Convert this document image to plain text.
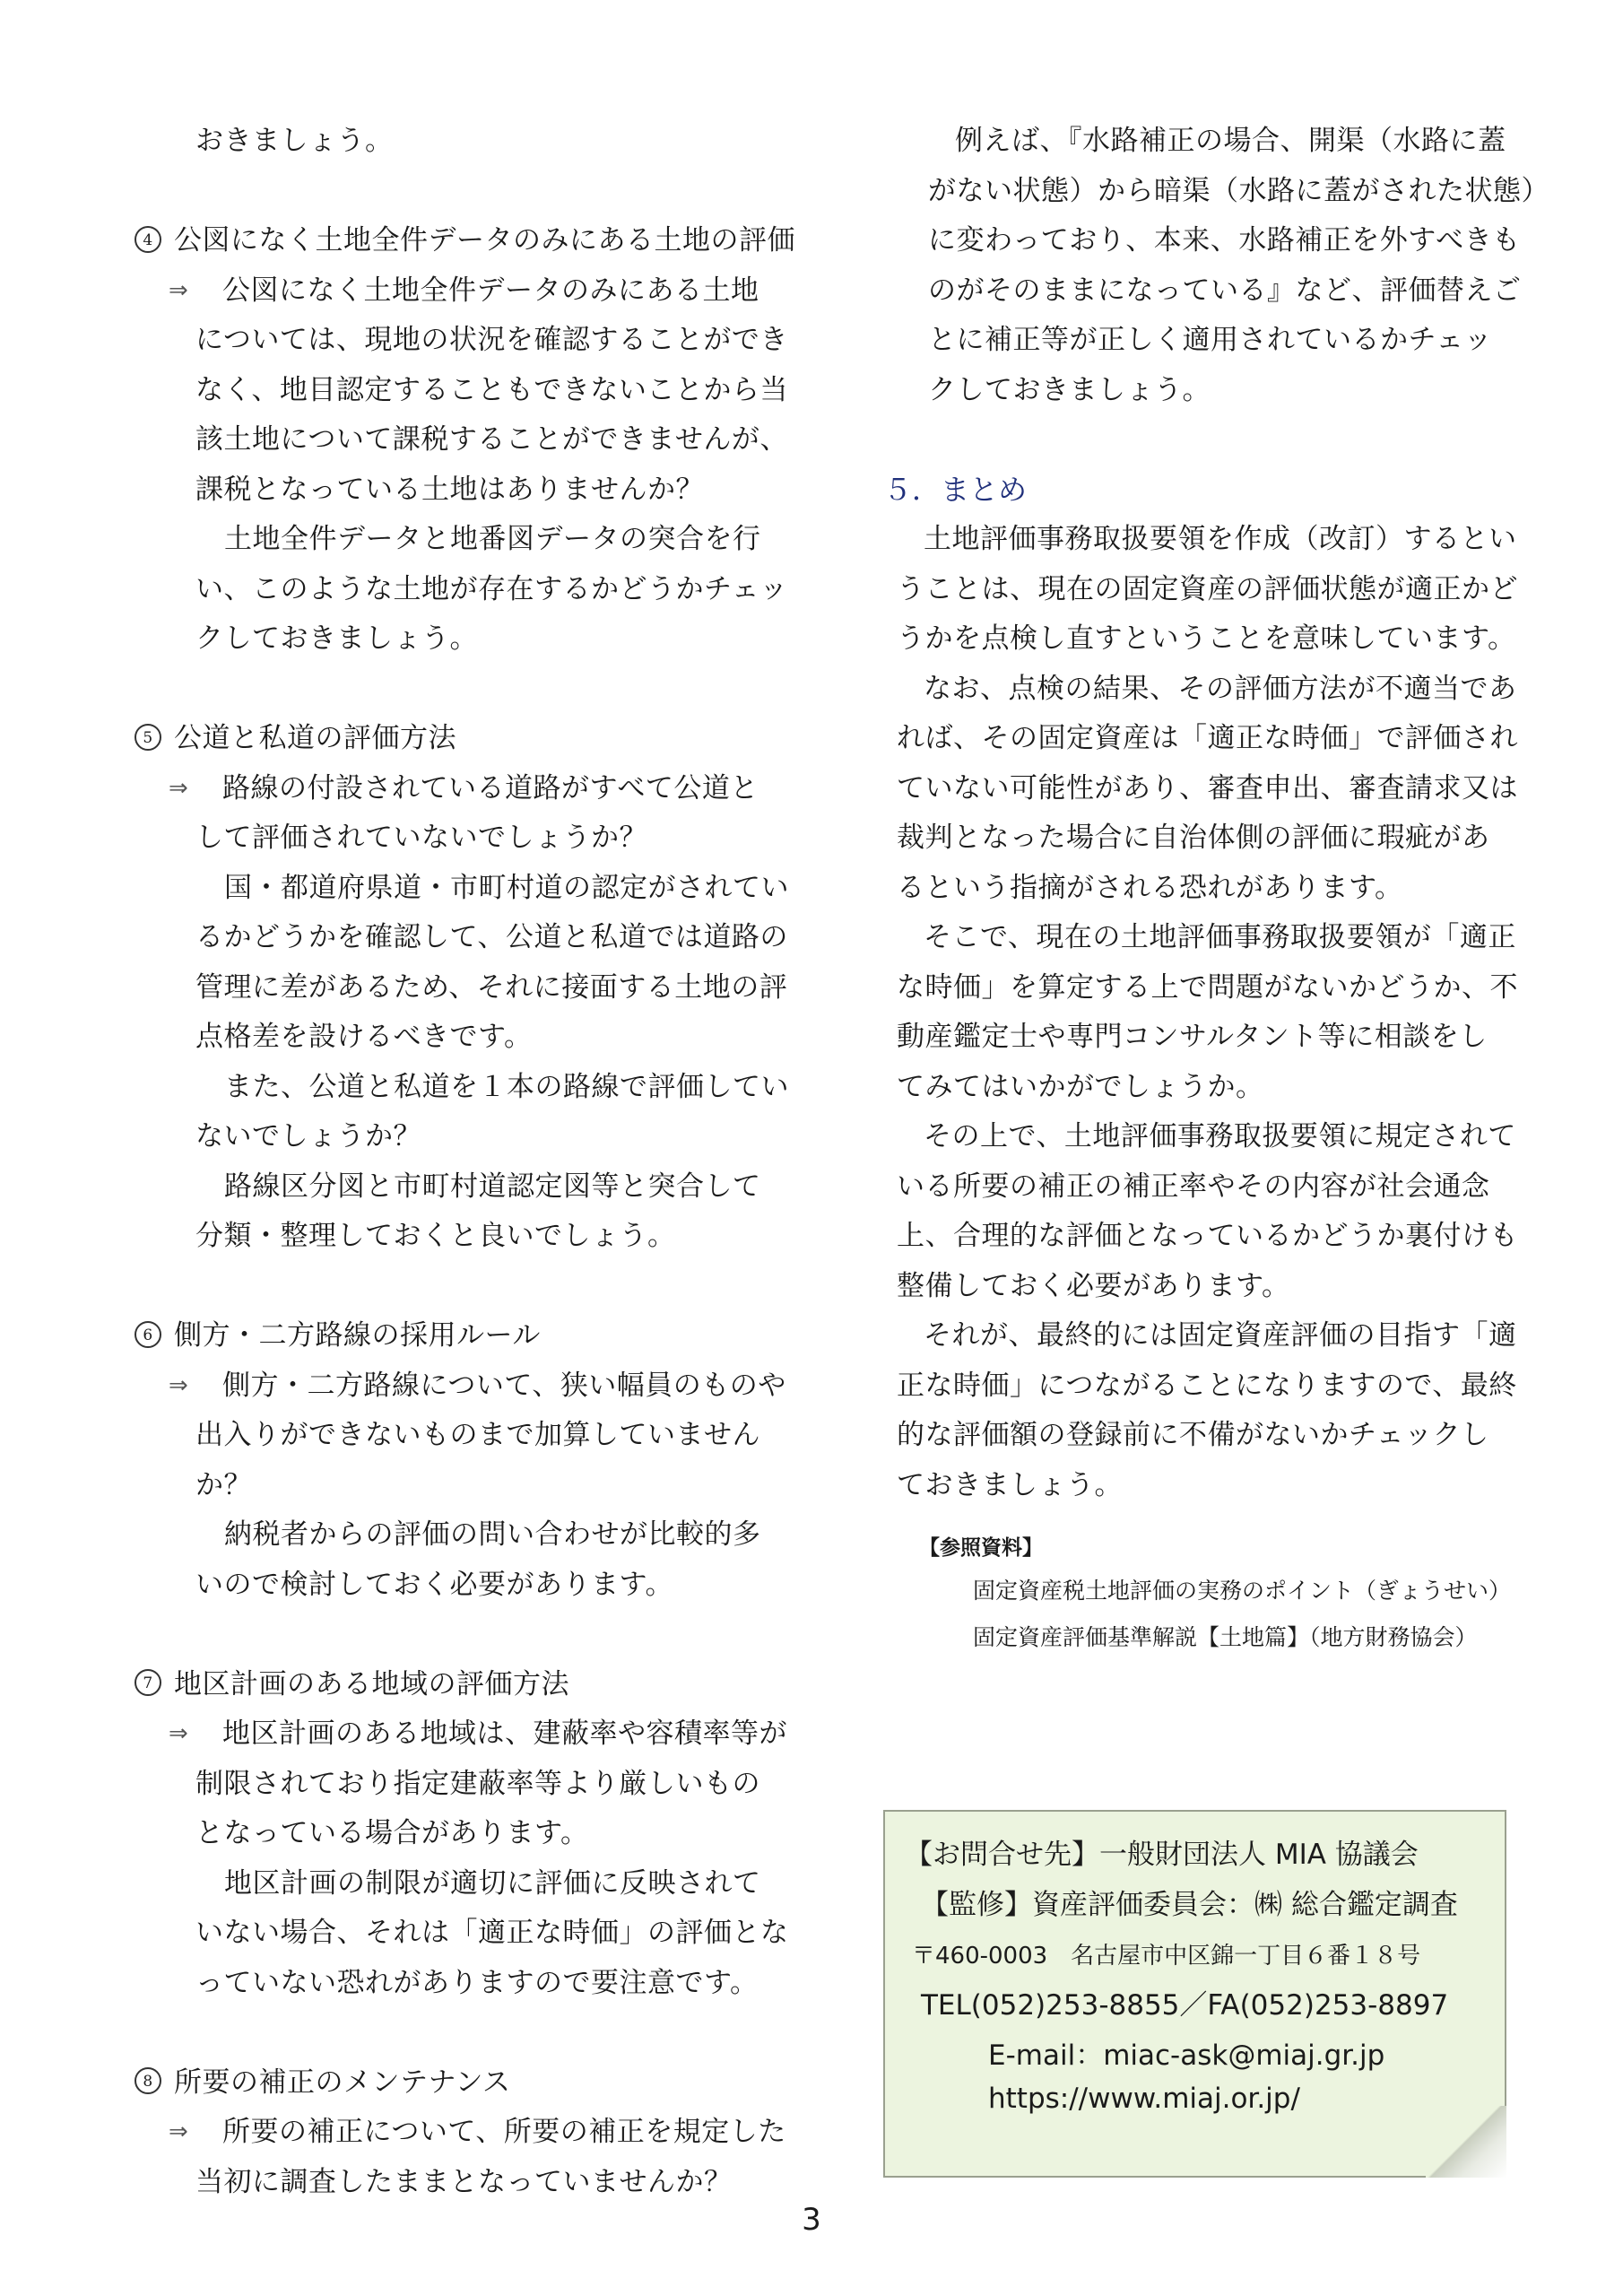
おきましょう。
4 公図になく土地全件データのみにある土地の評価
⇒ 公図になく土地全件データのみにある土地
については、現地の状況を確認することができ
なく、地目認定することもできないことから当
該土地について課税することができませんが、
課税となっている土地はありませんか？
土地全件データと地番図データの突合を行
い、このような土地が存在するかどうかチェッ
クしておきましょう。
5 公道と私道の評価方法
⇒ 路線の付設されている道路がすべて公道と
して評価されていないでしょうか？
国・都道府県道・市町村道の認定がされてい
るかどうかを確認して、公道と私道では道路の
管理に差があるため、それに接面する土地の評
点格差を設けるべきです。
また、公道と私道を１本の路線で評価してい
ないでしょうか？
路線区分図と市町村道認定図等と突合して
分類・整理しておくと良いでしょう。
6 側方・二方路線の採用ルール
⇒ 側方・二方路線について、狭い幅員のものや
出入りができないものまで加算していません
か？
納税者からの評価の問い合わせが比較的多
いので検討しておく必要があります。
7 地区計画のある地域の評価方法
⇒ 地区計画のある地域は、建蔽率や容積率等が
制限されており指定建蔽率等より厳しいもの
となっている場合があります。
地区計画の制限が適切に評価に反映されて
いない場合、それは「適正な時価」の評価とな
っていない恐れがありますので要注意です。
8 所要の補正のメンテナンス
⇒ 所要の補正について、所要の補正を規定した
当初に調査したままとなっていませんか？
例えば、『水路補正の場合、開渠（水路に蓋
がない状態）から暗渠（水路に蓋がされた状態）
に変わっており、本来、水路補正を外すべきも
のがそのままになっている』など、評価替えご
とに補正等が正しく適用されているかチェッ
クしておきましょう。
５．まとめ
土地評価事務取扱要領を作成（改訂）するとい
うことは、現在の固定資産の評価状態が適正かど
うかを点検し直すということを意味しています。
なお、点検の結果、その評価方法が不適当であ
れば、その固定資産は「適正な時価」で評価され
ていない可能性があり、審査申出、審査請求又は
裁判となった場合に自治体側の評価に瑕疵があ
るという指摘がされる恐れがあります。
そこで、現在の土地評価事務取扱要領が「適正
な時価」を算定する上で問題がないかどうか、不
動産鑑定士や専門コンサルタント等に相談をし
てみてはいかがでしょうか。
その上で、土地評価事務取扱要領に規定されて
いる所要の補正の補正率やその内容が社会通念
上、合理的な評価となっているかどうか裏付けも
整備しておく必要があります。
それが、最終的には固定資産評価の目指す「適
正な時価」につながることになりますので、最終
的な評価額の登録前に不備がないかチェックし
ておきましょう。
【参照資料】
固定資産税土地評価の実務のポイント（ぎょうせい）
固定資産評価基準解説【土地篇】（地方財務協会）
【お問合せ先】一般財団法人 MIA 協議会
【監修】資産評価委員会：㈱ 総合鑑定調査
〒460-0003　名古屋市中区錦一丁目６番１８号
TEL(052)253-8855／FA(052)253-8897
E-mail：miac-ask@miaj.gr.jp
https://www.miaj.or.jp/
3
